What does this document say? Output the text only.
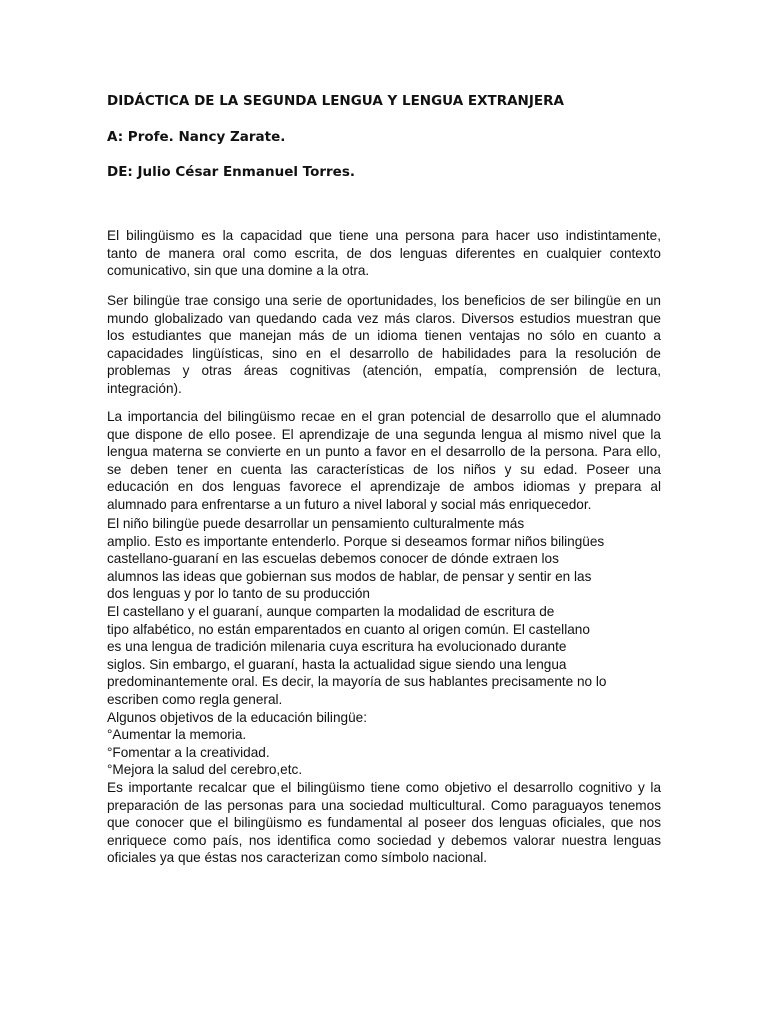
DIDÁCTICA DE LA SEGUNDA LENGUA Y LENGUA EXTRANJERA
A: Profe. Nancy Zarate.
DE: Julio César Enmanuel Torres.

El bilingüismo es la capacidad que tiene una persona para hacer uso indistintamente,
tanto de manera oral como escrita, de dos lenguas diferentes en cualquier contexto
comunicativo, sin que una domine a la otra.

Ser bilingüe trae consigo una serie de oportunidades, los beneficios de ser bilingüe en un
mundo globalizado van quedando cada vez más claros. Diversos estudios muestran que
los estudiantes que manejan más de un idioma tienen ventajas no sólo en cuanto a
capacidades lingüísticas, sino en el desarrollo de habilidades para la resolución de
problemas y otras áreas cognitivas (atención, empatía, comprensión de lectura,
integración).

La importancia del bilingüismo recae en el gran potencial de desarrollo que el alumnado
que dispone de ello posee. El aprendizaje de una segunda lengua al mismo nivel que la
lengua materna se convierte en un punto a favor en el desarrollo de la persona. Para ello,
se deben tener en cuenta las características de los niños y su edad. Poseer una
educación en dos lenguas favorece el aprendizaje de ambos idiomas y prepara al
alumnado para enfrentarse a un futuro a nivel laboral y social más enriquecedor.

El niño bilingüe puede desarrollar un pensamiento culturalmente más
amplio. Esto es importante entenderlo. Porque si deseamos formar niños bilingües
castellano-guaraní en las escuelas debemos conocer de dónde extraen los
alumnos las ideas que gobiernan sus modos de hablar, de pensar y sentir en las
dos lenguas y por lo tanto de su producción
El castellano y el guaraní, aunque comparten la modalidad de escritura de
tipo alfabético, no están emparentados en cuanto al origen común. El castellano
es una lengua de tradición milenaria cuya escritura ha evolucionado durante
siglos. Sin embargo, el guaraní, hasta la actualidad sigue siendo una lengua
predominantemente oral. Es decir, la mayoría de sus hablantes precisamente no lo
escriben como regla general.
Algunos objetivos de la educación bilingüe:
°Aumentar la memoria.
°Fomentar a la creatividad.
°Mejora la salud del cerebro,etc.
Es importante recalcar que el bilingüismo tiene como objetivo el desarrollo cognitivo y la
preparación de las personas para una sociedad multicultural. Como paraguayos tenemos
que conocer que el bilingüismo es fundamental al poseer dos lenguas oficiales, que nos
enriquece como país, nos identifica como sociedad y debemos valorar nuestra lenguas
oficiales ya que éstas nos caracterizan como símbolo nacional.
